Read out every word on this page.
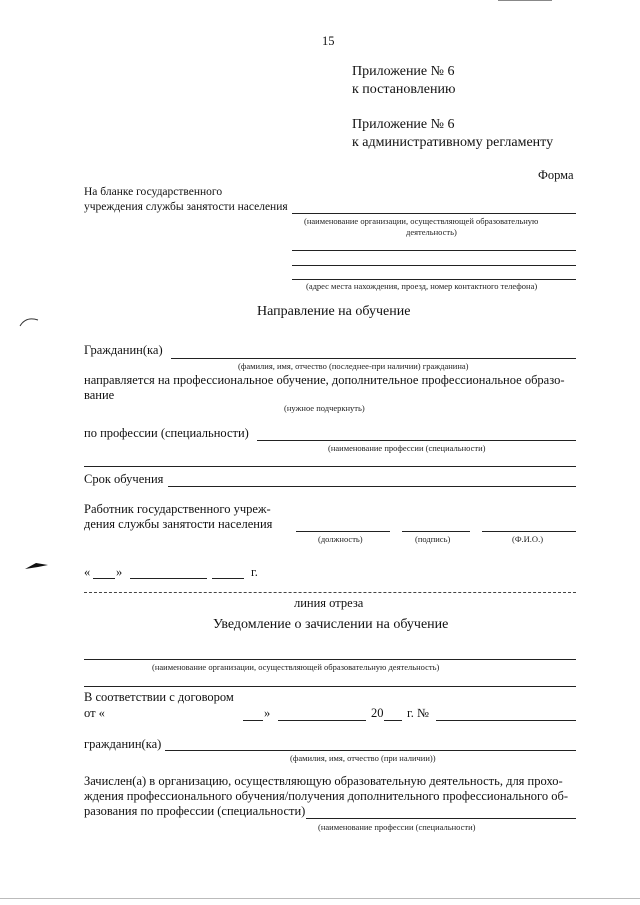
15
Приложение № 6
к постановлению
Приложение № 6
к административному регламенту
Форма
На бланке государственного
учреждения службы занятости населения
(наименование организации, осуществляющей образовательную
деятельность)
(адрес места нахождения, проезд, номер контактного телефона)
Направление на обучение
Гражданин(ка)
(фамилия, имя, отчество (последнее-при наличии) гражданина)
направляется на профессиональное обучение, дополнительное профессиональное образо-
вание
(нужное подчеркнуть)
по профессии (специальности)
(наименование профессии (специальности)
Срок обучения
Работник государственного учреж-
дения службы занятости населения
(должность)	(подпись)	(Ф.И.О.)
« »	г.
линия отреза
Уведомление о зачислении на обучение
(наименование организации, осуществляющей образовательную деятельность)
В соответствии с договором
от «	»	20 г. №
гражданин(ка)
(фамилия, имя, отчество (при наличии))
Зачислен(а) в организацию, осуществляющую образовательную деятельность, для прохо-
ждения профессионального обучения/получения дополнительного профессионального об-
разования по профессии (специальности)
(наименование профессии (специальности)
